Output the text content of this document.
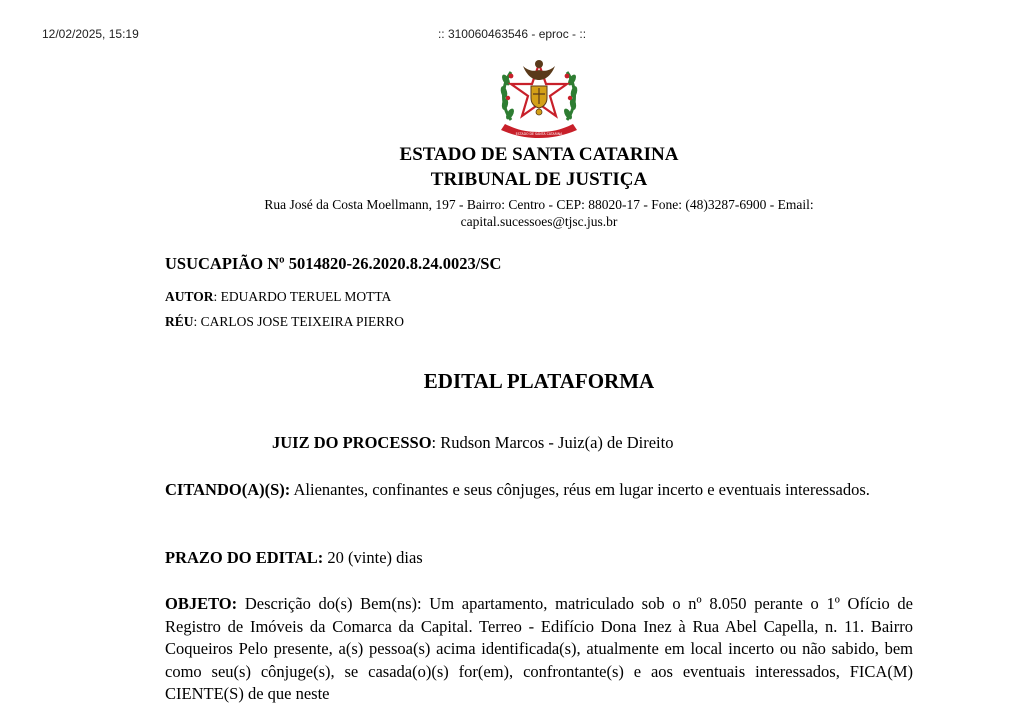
12/02/2025, 15:19	:: 310060463546 - eproc - ::
ESTADO DE SANTA CATARINA
ESTADO DE SANTA CATARINA
TRIBUNAL DE JUSTIÇA
Rua José da Costa Moellmann, 197 - Bairro: Centro - CEP: 88020-17 - Fone: (48)3287-6900 - Email:
capital.sucessoes@tjsc.jus.br
USUCAPIÃO Nº 5014820-26.2020.8.24.0023/SC
AUTOR: EDUARDO TERUEL MOTTA
RÉU: CARLOS JOSE TEIXEIRA PIERRO
EDITAL PLATAFORMA
JUIZ DO PROCESSO: Rudson Marcos - Juiz(a) de Direito
CITANDO(A)(S): Alienantes, confinantes e seus cônjuges, réus em lugar incerto e eventuais interessados.
PRAZO DO EDITAL: 20 (vinte) dias
OBJETO: Descrição do(s) Bem(ns): Um apartamento, matriculado sob o nº 8.050 perante o 1º Ofício de Registro de Imóveis da Comarca da Capital. Terreo - Edifício Dona Inez à Rua Abel Capella, n. 11. Bairro Coqueiros Pelo presente, a(s) pessoa(s) acima identificada(s), atualmente em local incerto ou não sabido, bem como seu(s) cônjuge(s), se casada(o)(s) for(em), confrontante(s) e aos eventuais interessados, FICA(M) CIENTE(S) de que neste
